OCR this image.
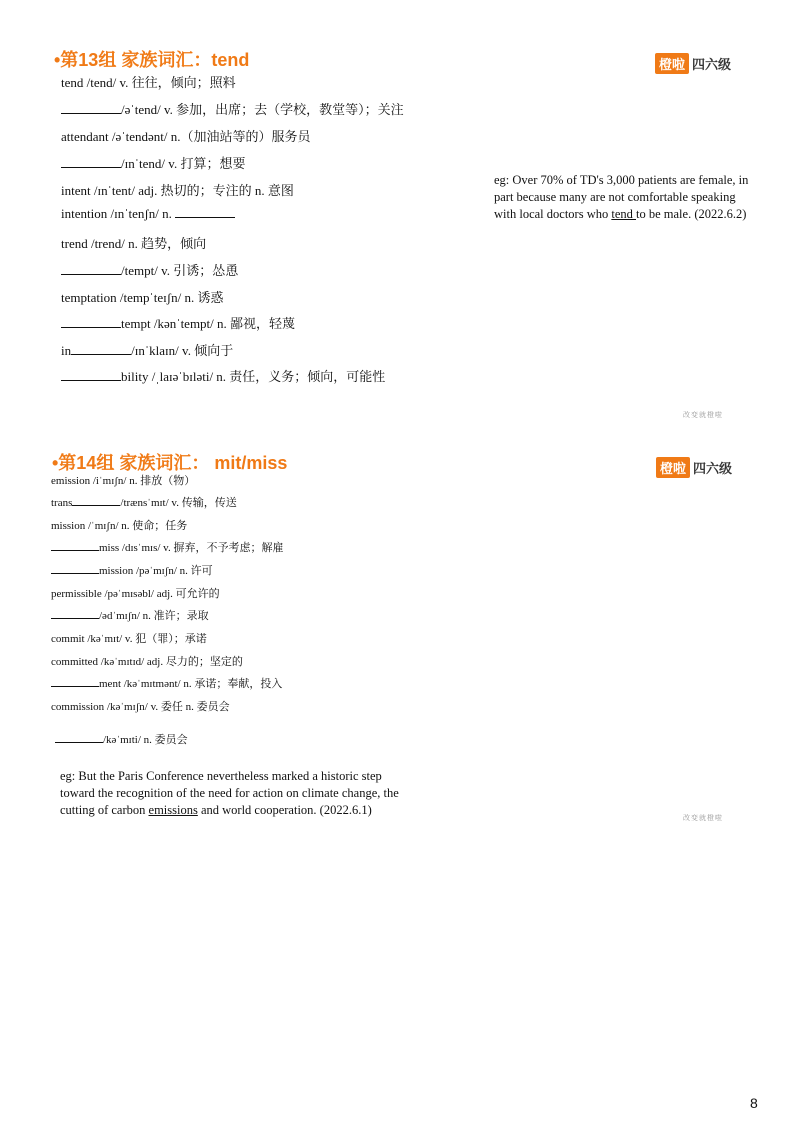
•第13组 家族词汇：tend	橙啦 四六级
tend /tend/ v. 往往，倾向；照料
/əˈtend/ v. 参加，出席；去（学校，教堂等）；关注
attendant /əˈtendənt/ n.（加油站等的）服务员
/ɪnˈtend/ v. 打算；想要
intent /ɪnˈtent/ adj. 热切的；专注的 n. 意图
intention /ɪnˈtenʃn/ n.
trend /trend/ n. 趋势，倾向
/tempt/ v. 引诱；怂恿
temptation /tempˈteɪʃn/ n. 诱惑
tempt /kənˈtempt/ n. 鄙视，轻蔑
in	/ɪnˈklaɪn/ v. 倾向于
bility /ˌlaɪəˈbɪləti/ n. 责任，义务；倾向，可能性
eg: Over 70% of TD's 3,000 patients are female, in part because many are not comfortable speaking with local doctors who tend to be male. (2022.6.2)
改变就橙啦
•第14组 家族词汇： mit/miss	橙啦 四六级
emission /iˈmɪʃn/ n. 排放（物）
trans	/trænsˈmɪt/ v. 传输，传送
mission /ˈmɪʃn/ n. 使命；任务
miss /dɪsˈmɪs/ v. 摒弃，不予考虑；解雇
mission /pəˈmɪʃn/ n. 许可
permissible /pəˈmɪsəbl/ adj. 可允许的
/ədˈmɪʃn/ n. 准许；录取
commit /kəˈmɪt/ v. 犯（罪）；承诺
committed /kəˈmɪtɪd/ adj. 尽力的；坚定的
ment /kəˈmɪtmənt/ n. 承诺；奉献，投入
commission /kəˈmɪʃn/ v. 委任 n. 委员会
/kəˈmɪti/ n. 委员会
eg: But the Paris Conference nevertheless marked a historic step toward the recognition of the need for action on climate change, the cutting of carbon emissions and world cooperation. (2022.6.1)
改变就橙啦
8
